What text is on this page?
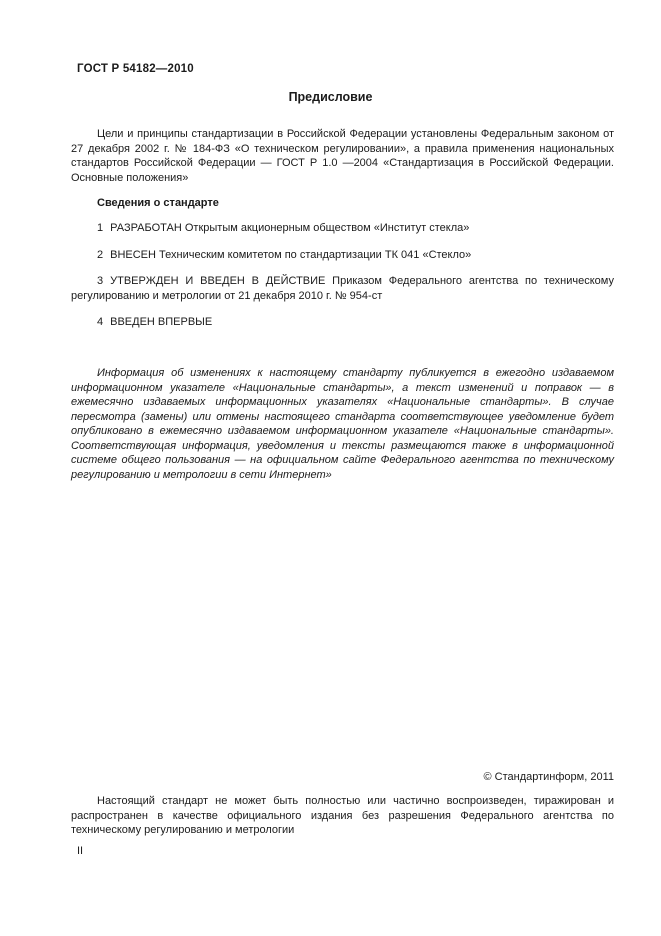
ГОСТ Р 54182—2010
Предисловие

Цели и принципы стандартизации в Российской Федерации установлены Федеральным законом от 27 декабря 2002 г. № 184-ФЗ «О техническом регулировании», а правила применения национальных стандартов Российской Федерации — ГОСТ Р 1.0 —2004 «Стандартизация в Российской Федерации. Основные положения»

Сведения о стандарте

1 РАЗРАБОТАН Открытым акционерным обществом «Институт стекла»

2 ВНЕСЕН Техническим комитетом по стандартизации ТК 041 «Стекло»

3 УТВЕРЖДЕН И ВВЕДЕН В ДЕЙСТВИЕ Приказом Федерального агентства по техническому регулированию и метрологии от 21 декабря 2010 г. № 954-ст

4 ВВЕДЕН ВПЕРВЫЕ

Информация об изменениях к настоящему стандарту публикуется в ежегодно издаваемом информационном указателе «Национальные стандарты», а текст изменений и поправок — в ежемесячно издаваемых информационных указателях «Национальные стандарты». В случае пересмотра (замены) или отмены настоящего стандарта соответствующее уведомление будет опубликовано в ежемесячно издаваемом информационном указателе «Национальные стандарты». Соответствующая информация, уведомления и тексты размещаются также в информационной системе общего пользования — на официальном сайте Федерального агентства по техническому регулированию и метрологии в сети Интернет»

© Стандартинформ, 2011

Настоящий стандарт не может быть полностью или частично воспроизведен, тиражирован и распространен в качестве официального издания без разрешения Федерального агентства по техническому регулированию и метрологии

II
